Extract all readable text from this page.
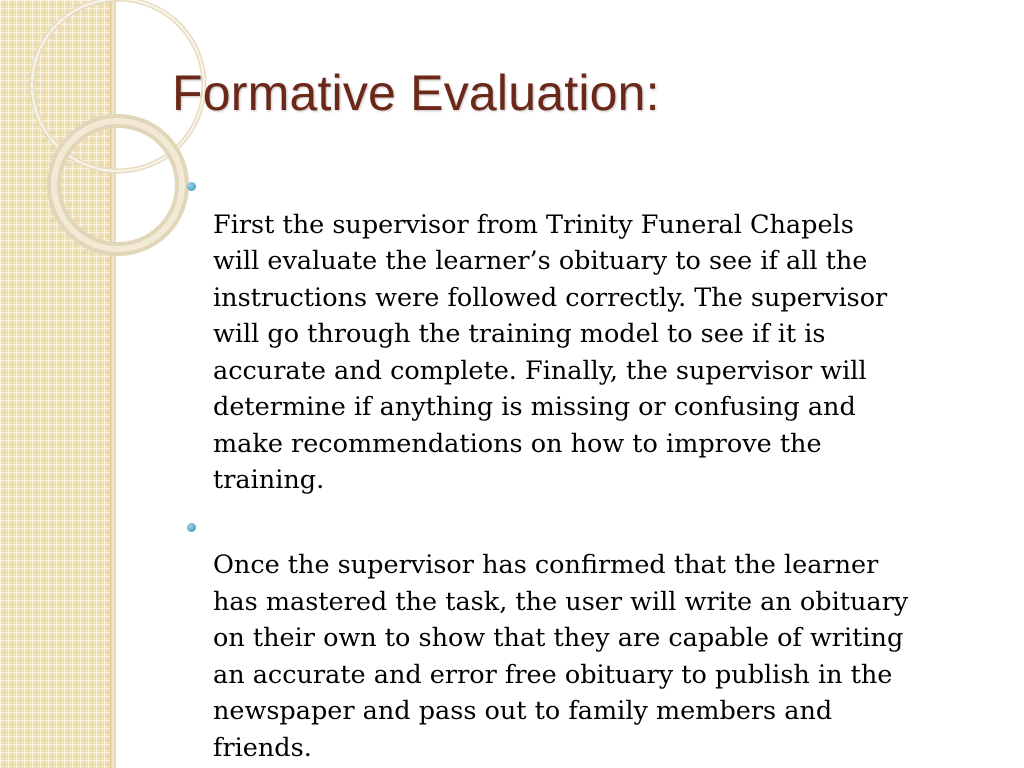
Formative Evaluation:

First the supervisor from Trinity Funeral Chapels
will evaluate the learner’s obituary to see if all the
instructions were followed correctly. The supervisor
will go through the training model to see if it is
accurate and complete. Finally, the supervisor will
determine if anything is missing or confusing and
make recommendations on how to improve the
training.

Once the supervisor has confirmed that the learner
has mastered the task, the user will write an obituary
on their own to show that they are capable of writing
an accurate and error free obituary to publish in the
newspaper and pass out to family members and
friends.
